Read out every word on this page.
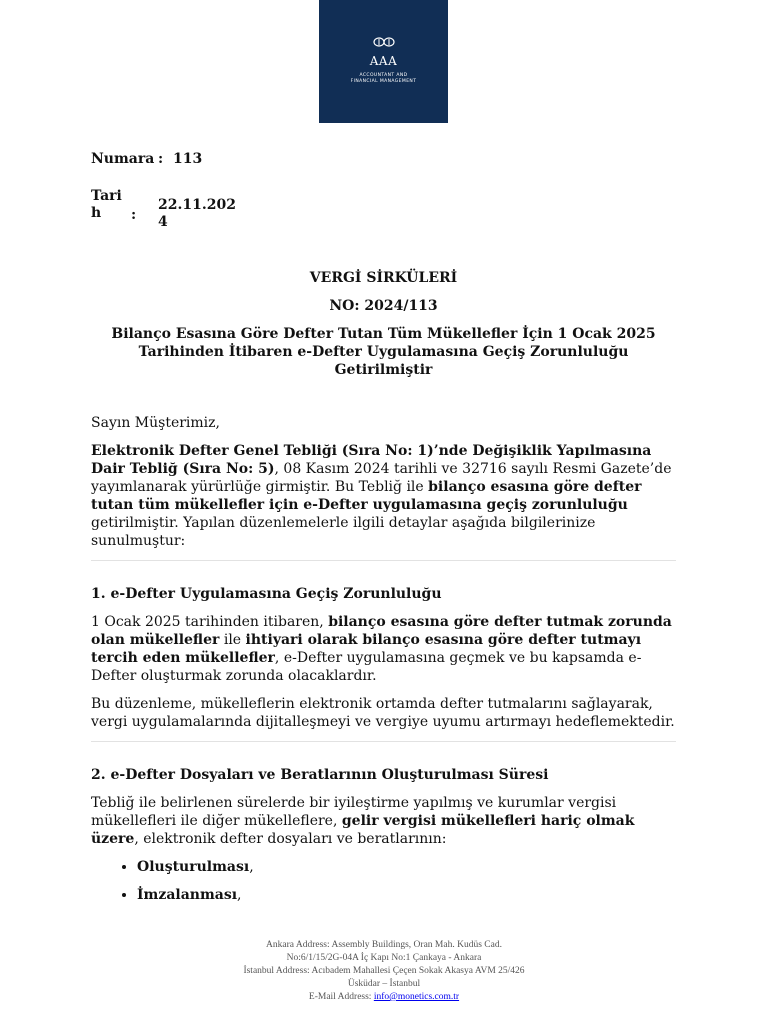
AAA
ACCOUNTANT AND
FINANCIAL MANAGEMENT
Numara : 113
Tari
h	:
22.11.202
4
VERGİ SİRKÜLERİ
NO: 2024/113
Bilanço Esasına Göre Defter Tutan Tüm Mükellefler İçin 1 Ocak 2025
Tarihinden İtibaren e-Defter Uygulamasına Geçiş Zorunluluğu
Getirilmiştir

Sayın Müşterimiz,

Elektronik Defter Genel Tebliği (Sıra No: 1)’nde Değişiklik Yapılmasına Dair Tebliğ (Sıra No: 5), 08 Kasım 2024 tarihli ve 32716 sayılı Resmi Gazete’de yayımlanarak yürürlüğe girmiştir. Bu Tebliğ ile bilanço esasına göre defter tutan tüm mükellefler için e-Defter uygulamasına geçiş zorunluluğu getirilmiştir. Yapılan düzenlemelerle ilgili detaylar aşağıda bilgilerinize sunulmuştur:

1. e-Defter Uygulamasına Geçiş Zorunluluğu

1 Ocak 2025 tarihinden itibaren, bilanço esasına göre defter tutmak zorunda olan mükellefler ile ihtiyari olarak bilanço esasına göre defter tutmayı tercih eden mükellefler, e-Defter uygulamasına geçmek ve bu kapsamda e-Defter oluşturmak zorunda olacaklardır.

Bu düzenleme, mükelleflerin elektronik ortamda defter tutmalarını sağlayarak, vergi uygulamalarında dijitalleşmeyi ve vergiye uyumu artırmayı hedeflemektedir.

2. e-Defter Dosyaları ve Beratlarının Oluşturulması Süresi

Tebliğ ile belirlenen sürelerde bir iyileştirme yapılmış ve kurumlar vergisi mükellefleri ile diğer mükelleflere, gelir vergisi mükellefleri hariç olmak üzere, elektronik defter dosyaları ve beratlarının:

• Oluşturulması,
• İmzalanması,
Ankara Address: Assembly Buildings, Oran Mah. Kudüs Cad.
No:6/1/15/2G-04A İç Kapı No:1 Çankaya - Ankara
İstanbul Address: Acıbadem Mahallesi Çeçen Sokak Akasya AVM 25/426
Üsküdar – İstanbul
E-Mail Address: info@monetics.com.tr
